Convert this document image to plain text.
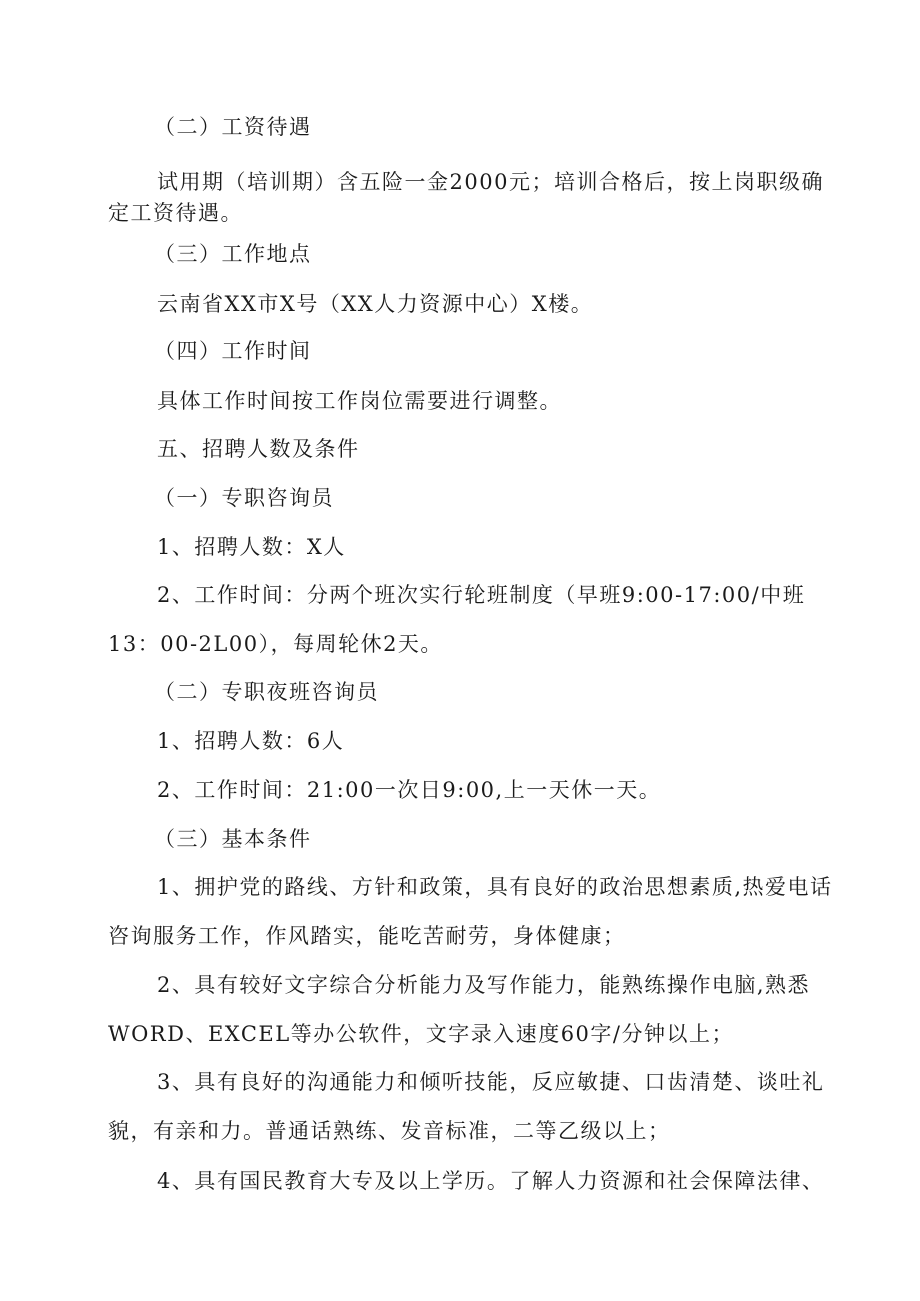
（二）工资待遇
试用期（培训期）含五险一金2000元；培训合格后，按上岗职级确
定工资待遇。
（三）工作地点
云南省XX市X号（XX人力资源中心）X楼。
（四）工作时间
具体工作时间按工作岗位需要进行调整。
五、招聘人数及条件
（一）专职咨询员
1、招聘人数：X人
2、工作时间：分两个班次实行轮班制度（早班9:00-17:00/中班
13：00-2L00），每周轮休2天。
（二）专职夜班咨询员
1、招聘人数：6人
2、工作时间：21:00一次日9:00,上一天休一天。
（三）基本条件
1、拥护党的路线、方针和政策，具有良好的政治思想素质,热爱电话
咨询服务工作，作风踏实，能吃苦耐劳，身体健康；
2、具有较好文字综合分析能力及写作能力，能熟练操作电脑,熟悉
WORD、EXCEL等办公软件，文字录入速度60字/分钟以上；
3、具有良好的沟通能力和倾听技能，反应敏捷、口齿清楚、谈吐礼
貌，有亲和力。普通话熟练、发音标准，二等乙级以上；
4、具有国民教育大专及以上学历。了解人力资源和社会保障法律、
